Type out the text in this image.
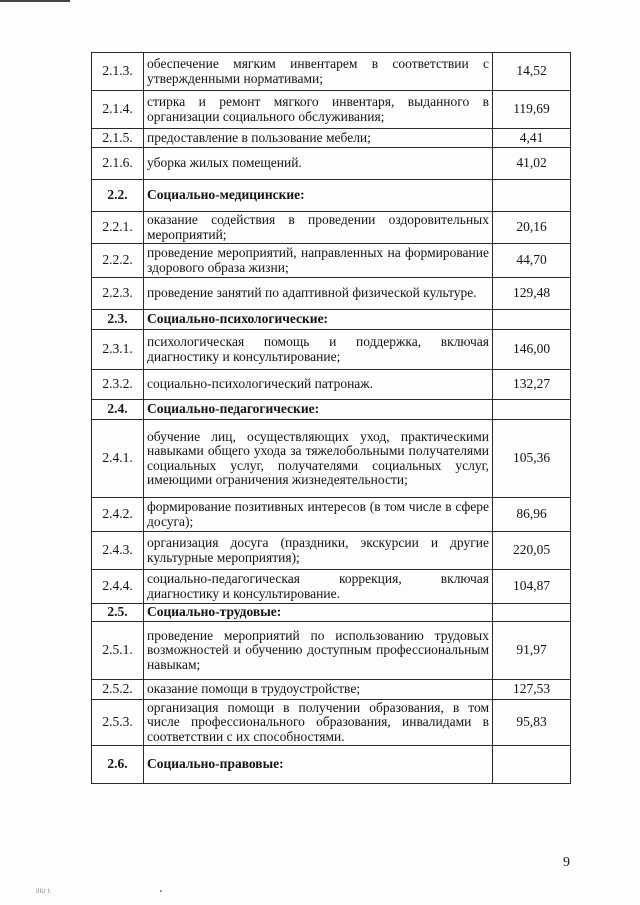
2.1.3.	обеспечение мягким инвентарем в соответствии с утвержденными нормативами;	14,52
2.1.4.	стирка и ремонт мягкого инвентаря, выданного в организации социального обслуживания;	119,69
2.1.5.	предоставление в пользование мебели;	4,41
2.1.6.	уборка жилых помещений.	41,02
2.2.	Социально-медицинские:	
2.2.1.	оказание содействия в проведении оздоровительных мероприятий;	20,16
2.2.2.	проведение мероприятий, направленных на формирование здорового образа жизни;	44,70
2.2.3.	проведение занятий по адаптивной физической культуре.	129,48
2.3.	Социально-психологические:	
2.3.1.	психологическая помощь и поддержка, включая диагностику и консультирование;	146,00
2.3.2.	социально-психологический патронаж.	132,27
2.4.	Социально-педагогические:	
2.4.1.	обучение лиц, осуществляющих уход, практическими навыками общего ухода за тяжелобольными получателями социальных услуг, получателями социальных услуг, имеющими ограничения жизнедеятельности;	105,36
2.4.2.	формирование позитивных интересов (в том числе в сфере досуга);	86,96
2.4.3.	организация досуга (праздники, экскурсии и другие культурные мероприятия);	220,05
2.4.4.	социально-педагогическая коррекция, включая диагностику и консультирование.	104,87
2.5.	Социально-трудовые:	
2.5.1.	проведение мероприятий по использованию трудовых возможностей и обучению доступным профессиональным навыкам;	91,97
2.5.2.	оказание помощи в трудоустройстве;	127,53
2.5.3.	организация помощи в получении образования, в том числе профессионального образования, инвалидами в соответствии с их способностями.	95,83
2.6.	Социально-правовые:	
9
IIIU I:
